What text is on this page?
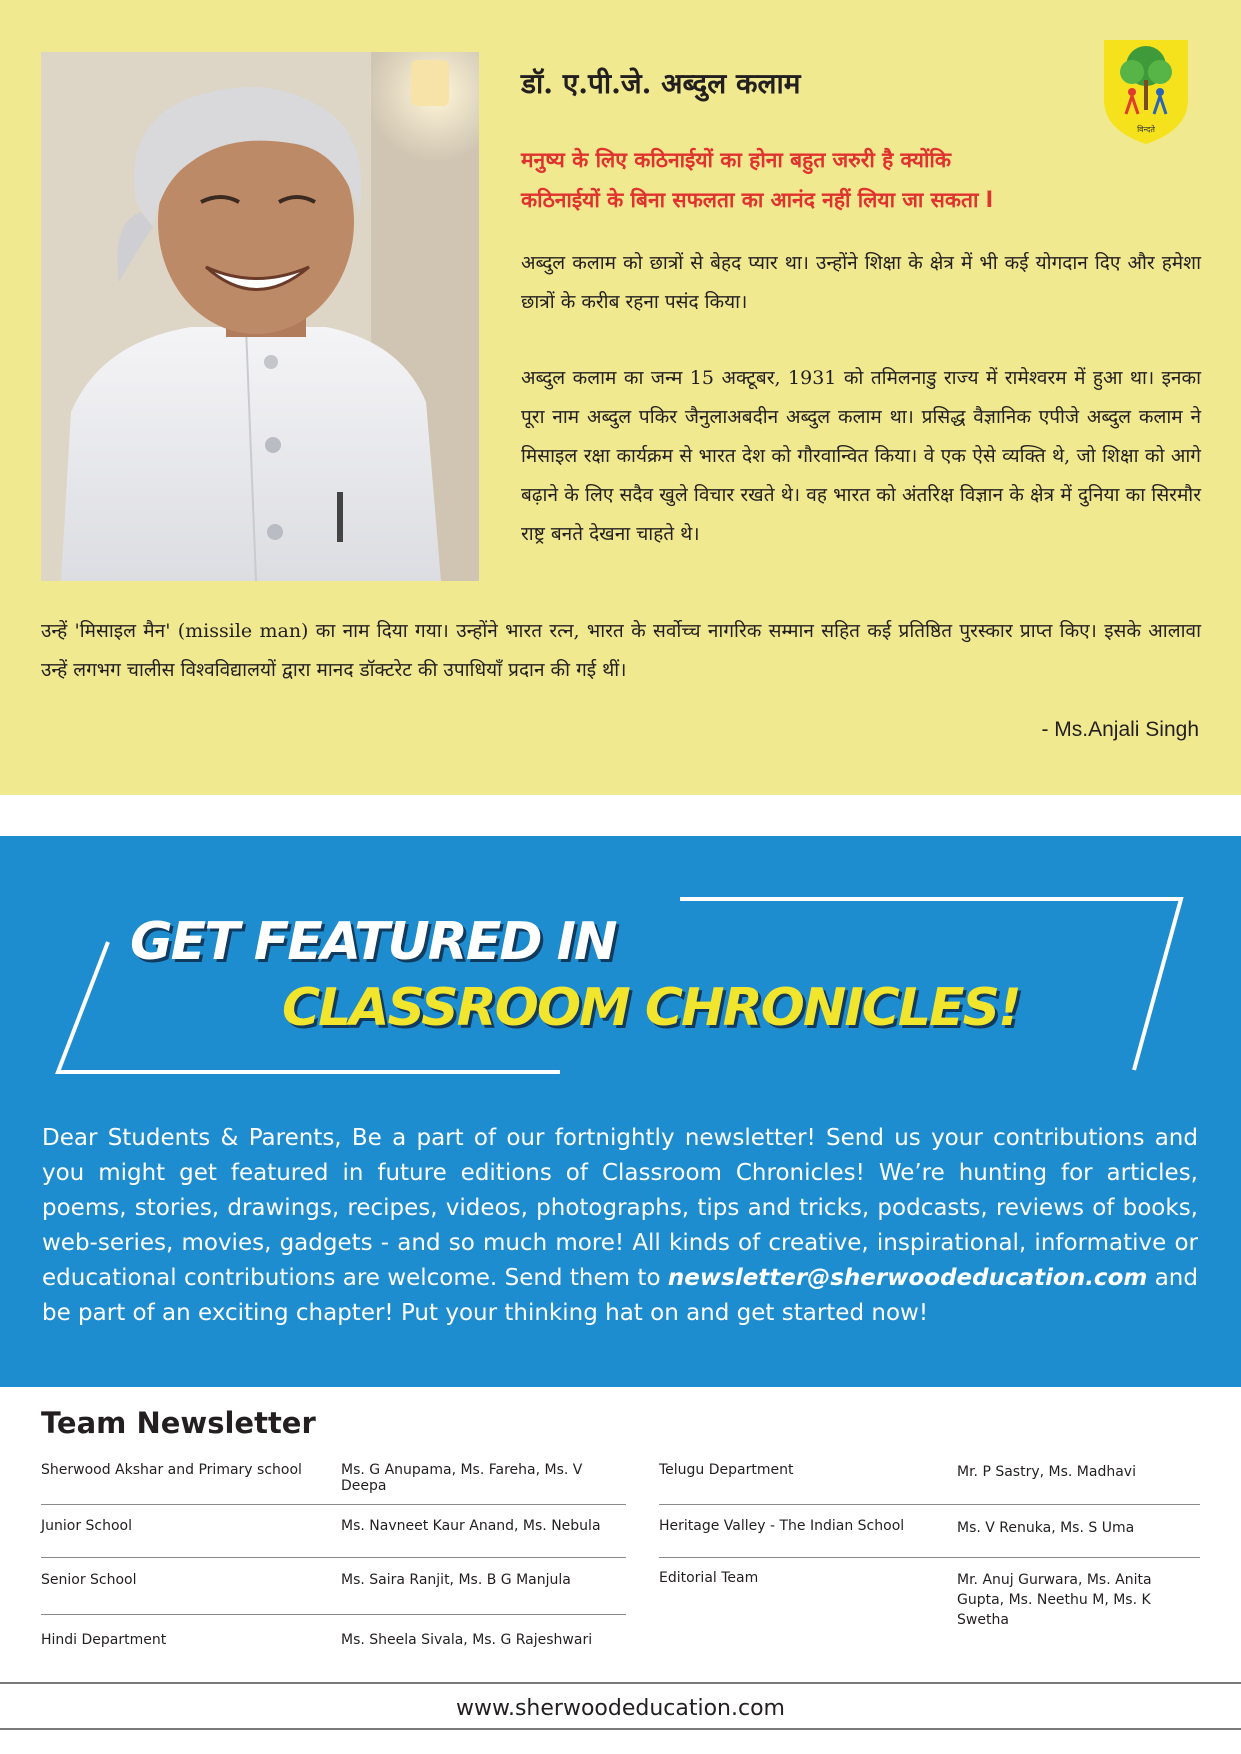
डॉ. ए.पी.जे. अब्दुल कलाम
मनुष्य के लिए कठिनाईयों का होना बहुत जरुरी है क्योंकि
कठिनाईयों के बिना सफलता का आनंद नहीं लिया जा सकता l

अब्दुल कलाम को छात्रों से बेहद प्यार था। उन्होंने शिक्षा के क्षेत्र में भी कई योगदान दिए और हमेशा छात्रों के करीब रहना पसंद किया।

अब्दुल कलाम का जन्म 15 अक्टूबर, 1931 को तमिलनाडु राज्य में रामेश्वरम में हुआ था। इनका पूरा नाम अब्दुल पकिर जैनुलाअबदीन अब्दुल कलाम था। प्रसिद्ध वैज्ञानिक एपीजे अब्दुल कलाम ने मिसाइल रक्षा कार्यक्रम से भारत देश को गौरवान्वित किया। वे एक ऐसे व्यक्ति थे, जो शिक्षा को आगे बढ़ाने के लिए सदैव खुले विचार रखते थे। वह भारत को अंतरिक्ष विज्ञान के क्षेत्र में दुनिया का सिरमौर राष्ट्र बनते देखना चाहते थे।

उन्हें 'मिसाइल मैन' (missile man) का नाम दिया गया। उन्होंने भारत रत्न, भारत के सर्वोच्च नागरिक सम्मान सहित कई प्रतिष्ठित पुरस्कार प्राप्त किए। इसके आलावा उन्हें लगभग चालीस विश्वविद्यालयों द्वारा मानद डॉक्टरेट की उपाधियाँ प्रदान की गई थीं।

- Ms.Anjali Singh
विन्दते
GET FEATURED IN
CLASSROOM CHRONICLES!

Dear Students & Parents, Be a part of our fortnightly newsletter! Send us your contributions and you might get featured in future editions of Classroom Chronicles! We’re hunting for articles, poems, stories, drawings, recipes, videos, photographs, tips and tricks, podcasts, reviews of books, web-series, movies, gadgets - and so much more! All kinds of creative, inspirational, informative or educational contributions are welcome. Send them to newsletter@sherwoodeducation.com and be part of an exciting chapter! Put your thinking hat on and get started now!

Team Newsletter
Sherwood Akshar and Primary school	Ms. G Anupama, Ms. Fareha, Ms. V Deepa
Junior School	Ms. Navneet Kaur Anand, Ms. Nebula
Senior School	Ms. Saira Ranjit, Ms. B G Manjula
Hindi Department	Ms. Sheela Sivala, Ms. G Rajeshwari
Telugu Department	Mr. P Sastry, Ms. Madhavi
Heritage Valley - The Indian School	Ms. V Renuka, Ms. S Uma
Editorial Team	Mr. Anuj Gurwara, Ms. Anita Gupta, Ms. Neethu M, Ms. K Swetha
www.sherwoodeducation.com
